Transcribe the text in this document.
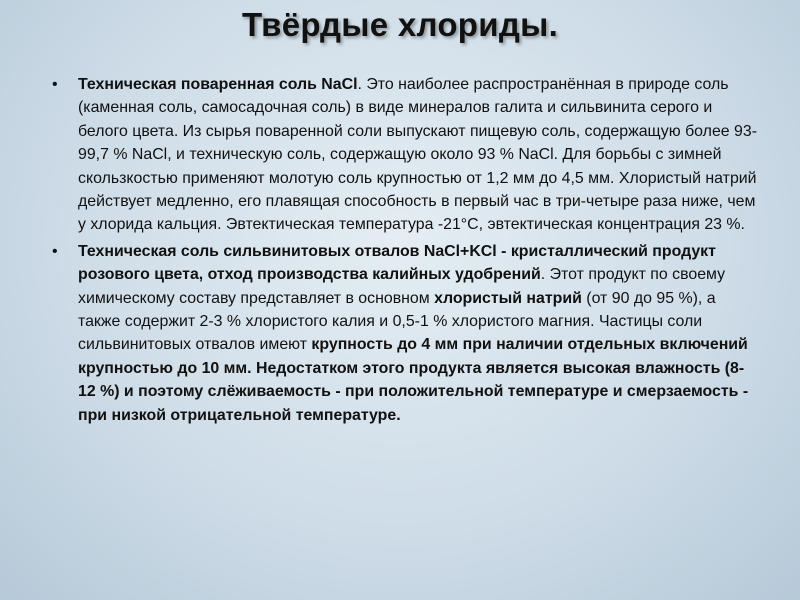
Твёрдые хлориды.
• Техническая поваренная соль NaCl. Это наиболее распространённая в природе соль (каменная соль, самосадочная соль) в виде минералов галита и сильвинита серого и белого цвета. Из сырья поваренной соли выпускают пищевую соль, содержащую более 93-99,7 % NaCl, и техническую соль, содержащую около 93 % NaCl. Для борьбы с зимней скользкостью применяют молотую соль крупностью от 1,2 мм до 4,5 мм. Хлористый натрий действует медленно, его плавящая способность в первый час в три-четыре раза ниже, чем у хлорида кальция. Эвтектическая температура -21°С, эвтектическая концентрация 23 %.
• Техническая соль сильвинитовых отвалов NaCl+KCl - кристаллический продукт розового цвета, отход производства калийных удобрений. Этот продукт по своему химическому составу представляет в основном хлористый натрий (от 90 до 95 %), а также содержит 2-3 % хлористого калия и 0,5-1 % хлористого магния. Частицы соли сильвинитовых отвалов имеют крупность до 4 мм при наличии отдельных включений крупностью до 10 мм. Недостатком этого продукта является высокая влажность (8-12 %) и поэтому слёживаемость - при положительной температуре и смерзаемость - при низкой отрицательной температуре.
